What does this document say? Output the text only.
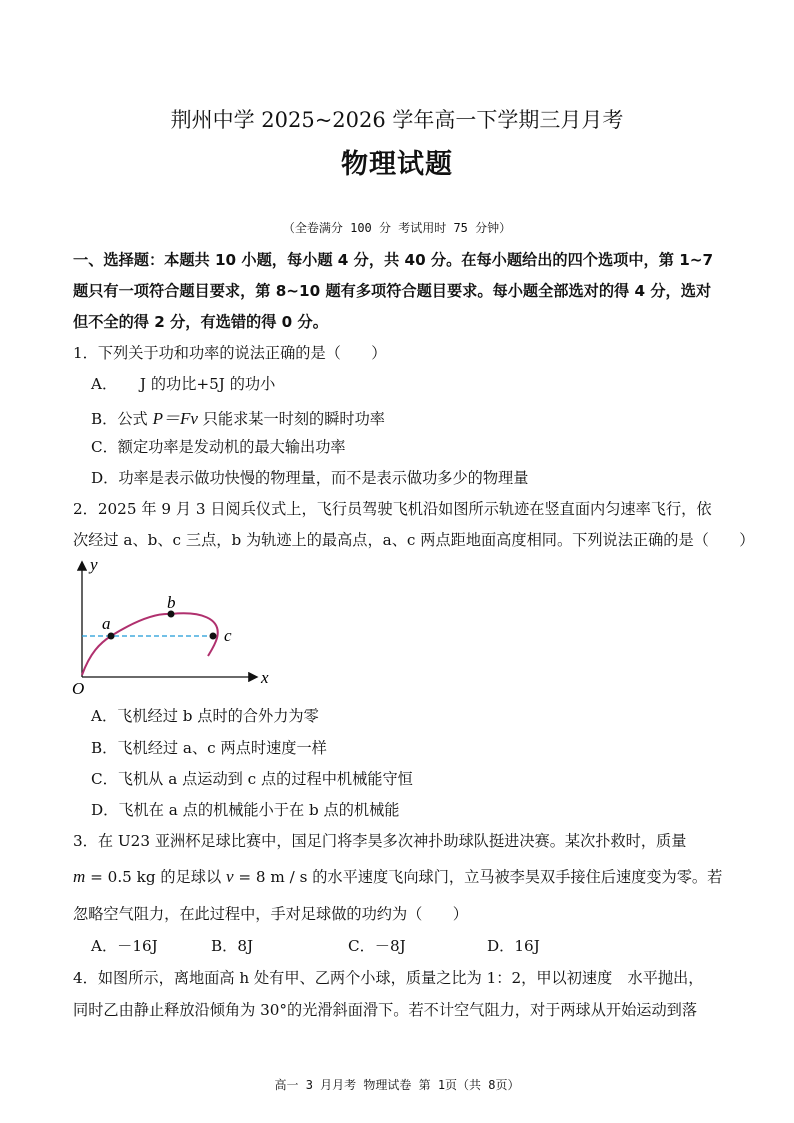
荆州中学 2025~2026 学年高一下学期三月月考
物理试题
（全卷满分 100 分 考试用时 75 分钟）
一、选择题：本题共 10 小题，每小题 4 分，共 40 分。在每小题给出的四个选项中，第 1~7
题只有一项符合题目要求，第 8~10 题有多项符合题目要求。每小题全部选对的得 4 分，选对
但不全的得 2 分，有选错的得 0 分。
1．下列关于功和功率的说法正确的是（　　）
A．　　J 的功比+5J 的功小
B．公式 P＝Fv 只能求某一时刻的瞬时功率
C．额定功率是发动机的最大输出功率
D．功率是表示做功快慢的物理量，而不是表示做功多少的物理量
2．2025 年 9 月 3 日阅兵仪式上，飞行员驾驶飞机沿如图所示轨迹在竖直面内匀速率飞行，依
次经过 a、b、c 三点，b 为轨迹上的最高点，a、c 两点距地面高度相同。下列说法正确的是（　　）
y
x
O
a
b
c
A．飞机经过 b 点时的合外力为零
B．飞机经过 a、c 两点时速度一样
C．飞机从 a 点运动到 c 点的过程中机械能守恒
D．飞机在 a 点的机械能小于在 b 点的机械能
3．在 U23 亚洲杯足球比赛中，国足门将李昊多次神扑助球队挺进决赛。某次扑救时，质量
m = 0.5 kg 的足球以 v = 8 m / s 的水平速度飞向球门，立马被李昊双手接住后速度变为零。若
忽略空气阻力，在此过程中，手对足球做的功约为（　　）
A．－16J	B．8J	C．－8J	D．16J
4．如图所示，离地面高 h 处有甲、乙两个小球，质量之比为 1：2，甲以初速度　水平抛出，
同时乙由静止释放沿倾角为 30°的光滑斜面滑下。若不计空气阻力，对于两球从开始运动到落
高一 3 月月考 物理试卷 第 1页（共 8页）
